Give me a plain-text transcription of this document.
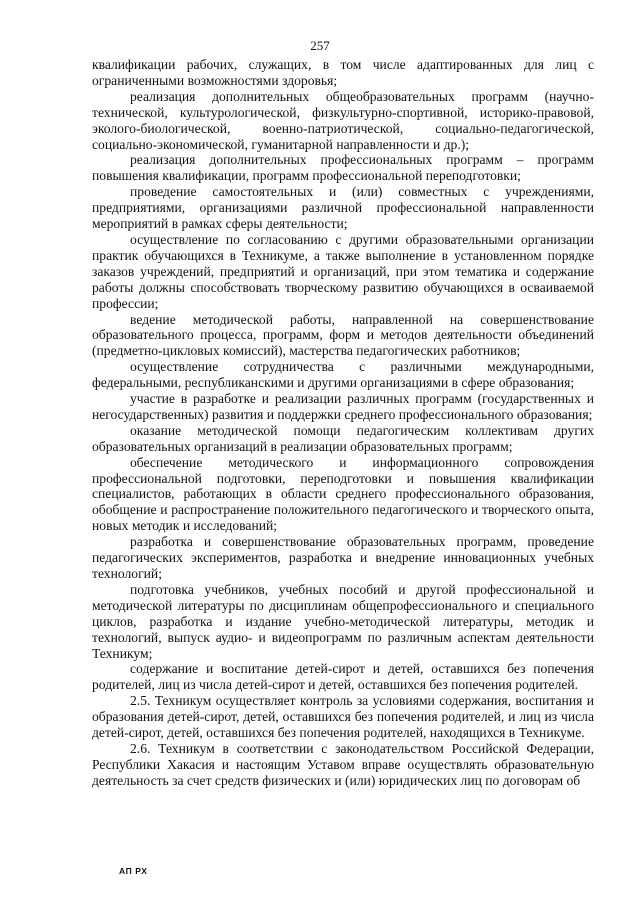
257

квалификации рабочих, служащих, в том числе адаптированных для лиц с ограниченными возможностями здоровья;

реализация дополнительных общеобразовательных программ (научно-технической, культурологической, физкультурно-спортивной, историко-правовой, эколого-биологической, военно-патриотической, социально-педагогической, социально-экономической, гуманитарной направленности и др.);

реализация дополнительных профессиональных программ – программ повышения квалификации, программ профессиональной переподготовки;

проведение самостоятельных и (или) совместных с учреждениями, предприятиями, организациями различной профессиональной направленности мероприятий в рамках сферы деятельности;

осуществление по согласованию с другими образовательными организации практик обучающихся в Техникуме, а также выполнение в установленном порядке заказов учреждений, предприятий и организаций, при этом тематика и содержание работы должны способствовать творческому развитию обучающихся в осваиваемой профессии;

ведение методической работы, направленной на совершенствование образовательного процесса, программ, форм и методов деятельности объединений (предметно-цикловых комиссий), мастерства педагогических работников;

осуществление сотрудничества с различными международными, федеральными, республиканскими и другими организациями в сфере образования;

участие в разработке и реализации различных программ (государственных и негосударственных) развития и поддержки среднего профессионального образования;

оказание методической помощи педагогическим коллективам других образовательных организаций в реализации образовательных программ;

обеспечение методического и информационного сопровождения профессиональной подготовки, переподготовки и повышения квалификации специалистов, работающих в области среднего профессионального образования, обобщение и распространение положительного педагогического и творческого опыта, новых методик и исследований;

разработка и совершенствование образовательных программ, проведение педагогических экспериментов, разработка и внедрение инновационных учебных технологий;

подготовка учебников, учебных пособий и другой профессиональной и методической литературы по дисциплинам общепрофессионального и специального циклов, разработка и издание учебно-методической литературы, методик и технологий, выпуск аудио- и видеопрограмм по различным аспектам деятельности Техникум;

содержание и воспитание детей-сирот и детей, оставшихся без попечения родителей, лиц из числа детей-сирот и детей, оставшихся без попечения родителей.

2.5. Техникум осуществляет контроль за условиями содержания, воспитания и образования детей-сирот, детей, оставшихся без попечения родителей, и лиц из числа детей-сирот, детей, оставшихся без попечения родителей, находящихся в Техникуме.

2.6. Техникум в соответствии с законодательством Российской Федерации, Республики Хакасия и настоящим Уставом вправе осуществлять образовательную деятельность за счет средств физических и (или) юридических лиц по договорам об

АП РХ
